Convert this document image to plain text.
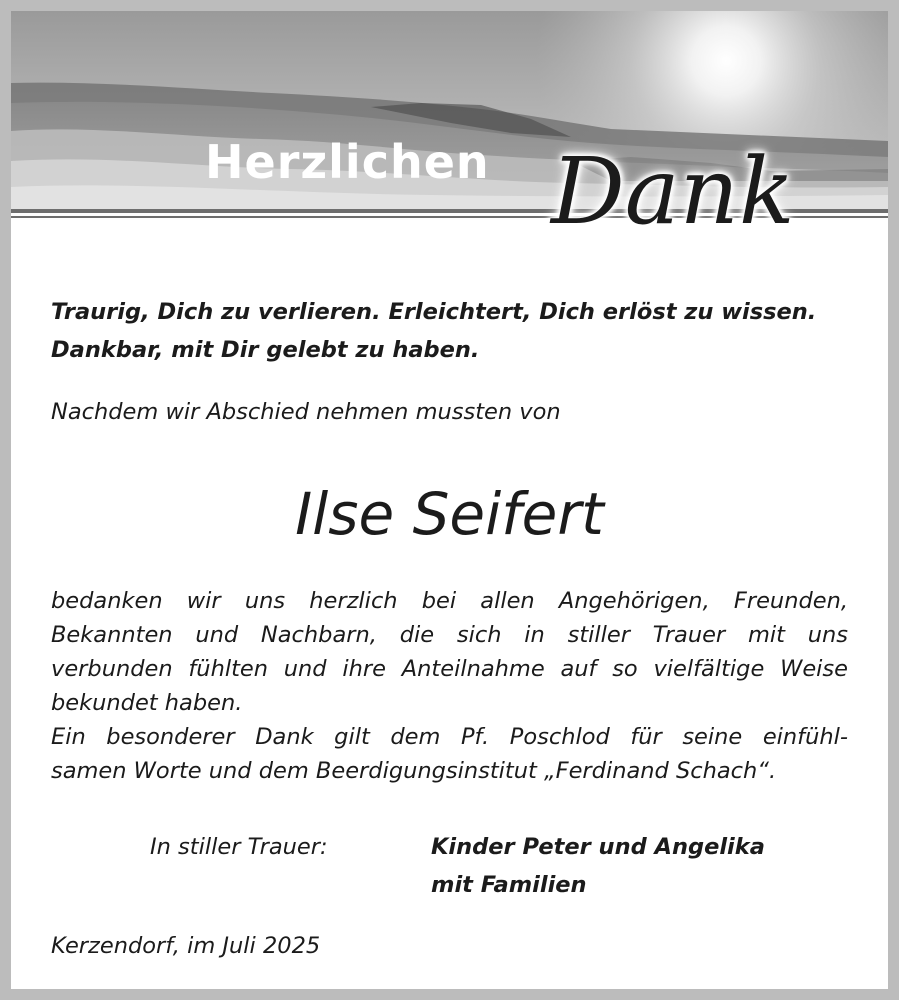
Herzlichen Dank
Traurig, Dich zu verlieren. Erleichtert, Dich erlöst zu wissen.
Dankbar, mit Dir gelebt zu haben.
Nachdem wir Abschied nehmen mussten von
Ilse Seifert
bedanken wir uns herzlich bei allen Angehörigen, Freunden,
Bekannten und Nachbarn, die sich in stiller Trauer mit uns
verbunden fühlten und ihre Anteilnahme auf so vielfältige Weise
bekundet haben.
Ein besonderer Dank gilt dem Pf. Poschlod für seine einfühl-
samen Worte und dem Beerdigungsinstitut „Ferdinand Schach“.
In stiller Trauer:	Kinder Peter und Angelika
mit Familien
Kerzendorf, im Juli 2025
